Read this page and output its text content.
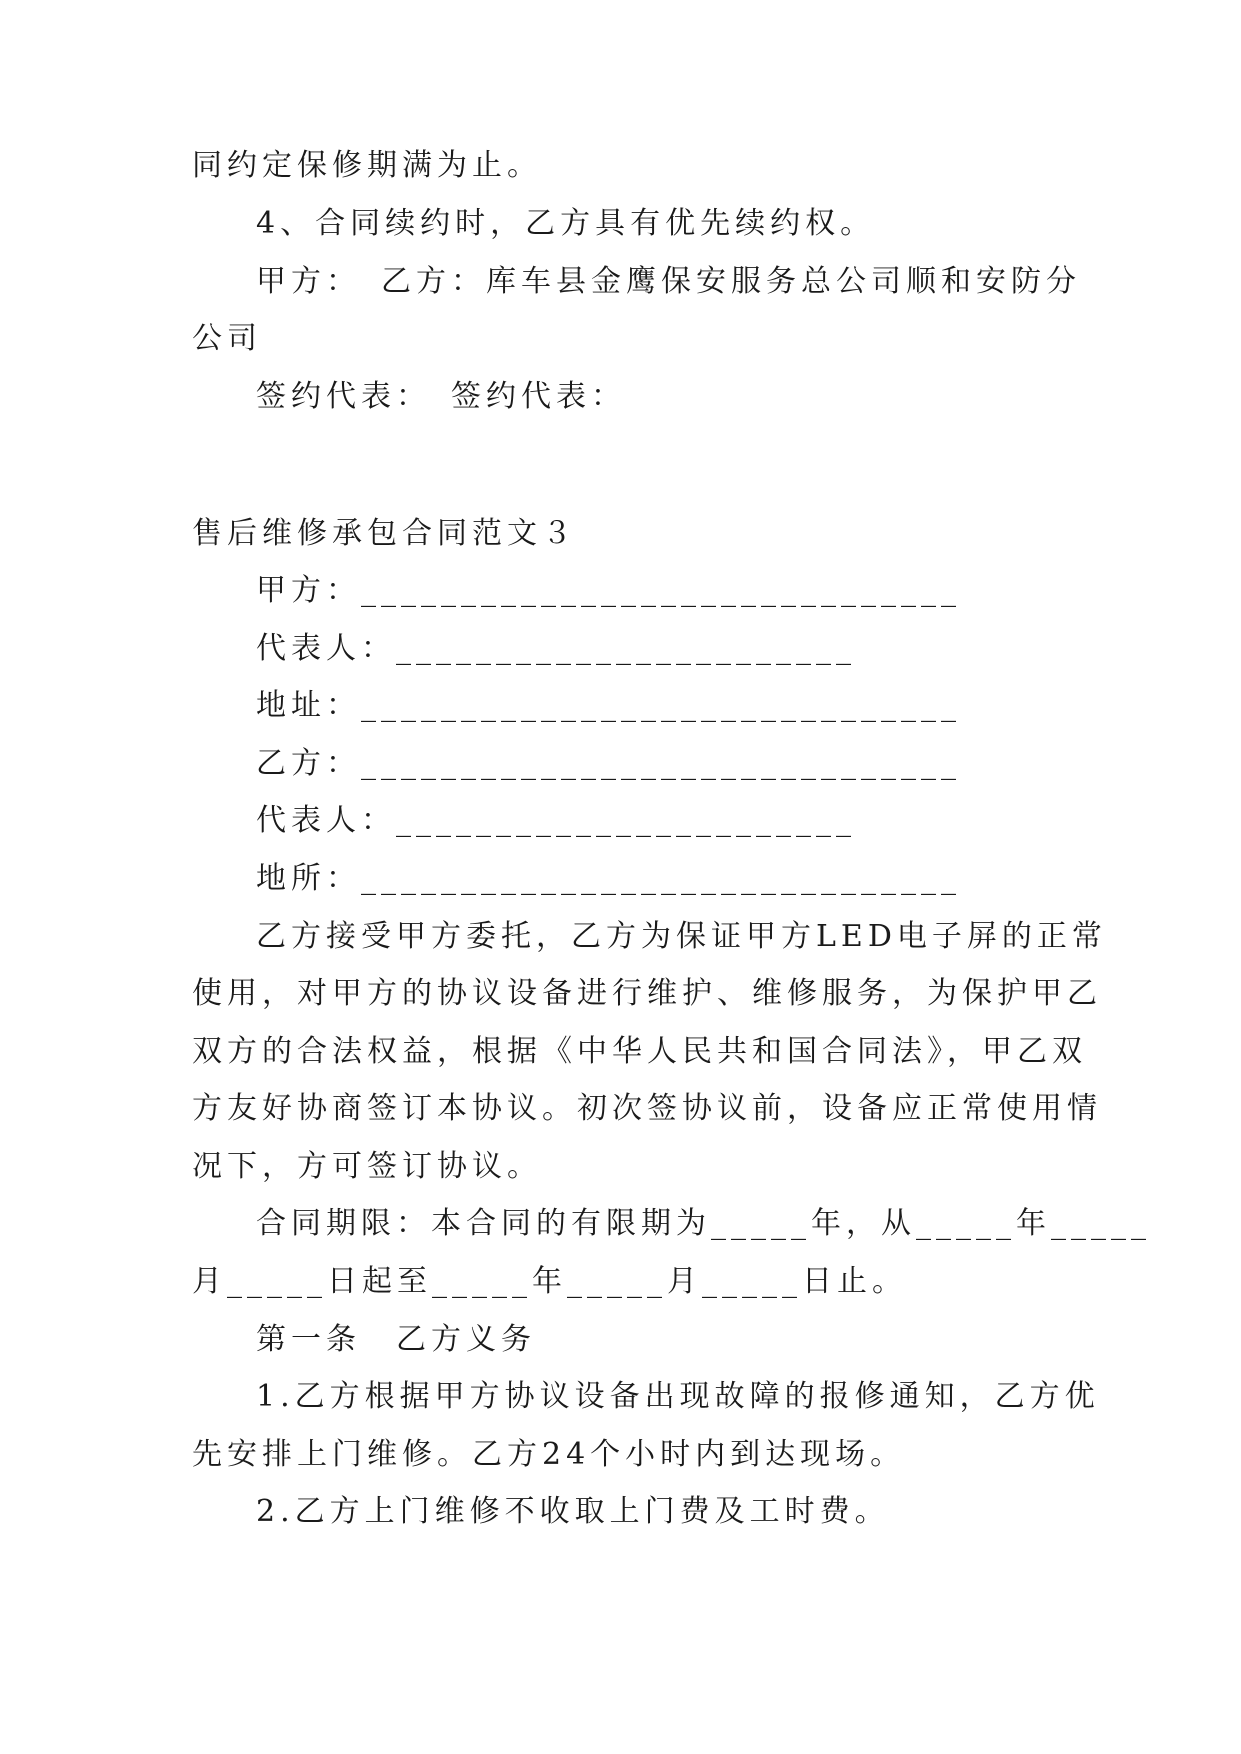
同约定保修期满为止。
4、合同续约时，乙方具有优先续约权。
甲方：　乙方：库车县金鹰保安服务总公司顺和安防分
公司
签约代表：　签约代表：
售后维修承包合同范文３
甲方：______________________________
代表人：_______________________
地址：______________________________
乙方：______________________________
代表人：_______________________
地所：______________________________
乙方接受甲方委托，乙方为保证甲方LED电子屏的正常
使用，对甲方的协议设备进行维护、维修服务，为保护甲乙
双方的合法权益，根据《中华人民共和国合同法》，甲乙双
方友好协商签订本协议。初次签协议前，设备应正常使用情
况下，方可签订协议。
合同期限：本合同的有限期为_____年，从_____年_____
月_____日起至_____年_____月_____日止。
第一条　乙方义务
1.乙方根据甲方协议设备出现故障的报修通知，乙方优
先安排上门维修。乙方24个小时内到达现场。
2.乙方上门维修不收取上门费及工时费。
